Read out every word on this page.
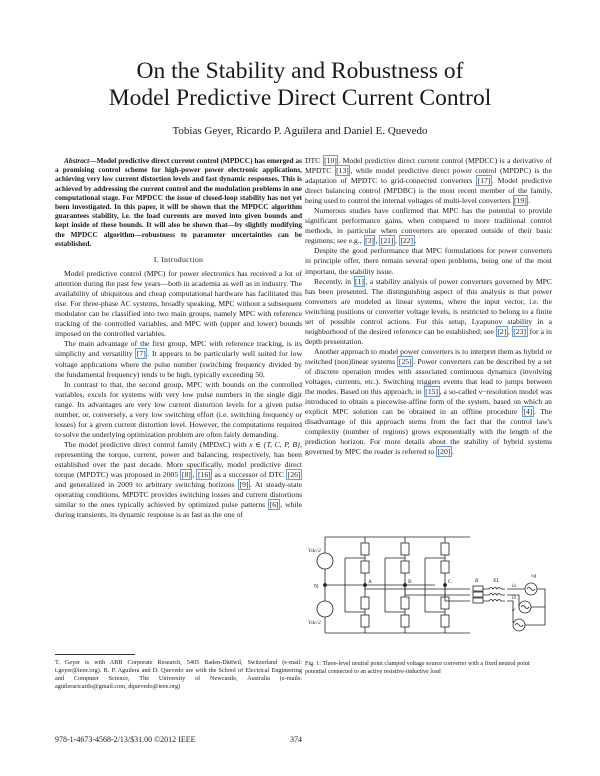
On the Stability and Robustness of
Model Predictive Direct Current Control
Tobias Geyer, Ricardo P. Aguilera and Daniel E. Quevedo

Abstract—Model predictive direct current control (MPDCC) has emerged as a promising control scheme for high-power power electronic applications, achieving very low current distortion levels and fast dynamic responses. This is achieved by addressing the current control and the modulation problems in one computational stage. For MPDCC the issue of closed-loop stability has not yet been investigated. In this paper, it will be shown that the MPDCC algorithm guarantees stability, i.e. the load currents are moved into given bounds and kept inside of these bounds. It will also be shown that—by slightly modifying the MPDCC algorithm—robustness to parameter uncertainties can be established.

I. Introduction

Model predictive control (MPC) for power electronics has received a lot of attention during the past few years—both in academia as well as in industry. The availability of ubiquitous and cheap computational hardware has facilitated this rise. For three-phase AC systems, broadly speaking, MPC without a subsequent modulator can be classified into two main groups, namely MPC with reference tracking of the controlled variables, and MPC with (upper and lower) bounds imposed on the controlled variables.

The main advantage of the first group, MPC with reference tracking, is its simplicity and versatility [7] . It appears to be particularly well suited for low voltage applications where the pulse number (switching frequency divided by the fundamental frequency) tends to be high, typically exceeding 50.

In contrast to that, the second group, MPC with bounds on the controlled variables, excels for systems with very low pulse numbers in the single digit range. Its advantages are very low current distortion levels for a given pulse number, or, conversely, a very low switching effort (i.e. switching frequency or losses) for a given current distortion level. However, the computations required to solve the underlying optimization problem are often fairly demanding.

The model predictive direct control family (MPDxC) with x ∈ {T, C, P, B}, representing the torque, current, power and balancing, respectively, has been established over the past decade. More specifically, model predictive direct torque (MPDTC) was proposed in 2005 [8] , [16] as a successor of DTC [26] and generalized in 2009 to arbitrary switching horizons [9] . At steady-state operating conditions, MPDTC provides switching losses and current distortions similar to the ones typically achieved by optimized pulse patterns [6] , while during transients, its dynamic response is as fast as the one of

T. Geyer is with ABB Corporate Research, 5405 Baden-Dättwil, Switzerland (e-mail: t.geyer@ieee.org). R. P. Aguilera and D. Quevedo are with the School of Electrical Engineering and Computer Science, The University of Newcastle, Australia (e-mails: aguileraricardo@gmail.com, dquevedo@ieee.org)

DTC [10] . Model predictive direct current control (MPDCC) is a derivative of MPDTC [13] , while model predictive direct power control (MPDPC) is the adaptation of MPDTC to grid-connected converters [17] . Model predictive direct balancing control (MPDBC) is the most recent member of the family, being used to control the internal voltages of multi-level converters [19] .

Numerous studies have confirmed that MPC has the potential to provide significant performance gains, when compared to more traditional control methods, in particular when converters are operated outside of their basic regimens; see e.g., [3] , [21] , [22] .

Despite the good performance that MPC formulations for power converters in principle offer, there remain several open problems, being one of the most important, the stability issue.

Recently, in [1] , a stability analysis of power converters governed by MPC has been presented. The distinguishing aspect of this analysis is that power converters are modeled as linear systems, where the input vector, i.e. the switching positions or converter voltage levels, is restricted to belong to a finite set of possible control actions. For this setup, Lyapunov stability in a neighborhood of the desired reference can be established; see [2] , [23] for a in depth presentation.

Another approach to model power converters is to interpret them as hybrid or switched (non)linear systems [25] . Power converters can be described by a set of discrete operation modes with associated continuous dynamics (involving voltages, currents, etc.). Switching triggers events that lead to jumps between the modes. Based on this approach, in [15] , a so-called ν−resolution model was introduced to obtain a piecewise-affine form of the system, based on which an explicit MPC solution can be obtained in an offline procedure [4] . The disadvantage of this approach stems from the fact that the control law's complexity (number of regions) grows exponentially with the length of the prediction horizon. For more details about the stability of hybrid systems governed by MPC the reader is referred to [20] .

Vdc/2
Vdc/2
N
A	B	C	R	XL
ia
ib
ic
vg
Fig. 1: Three-level neutral point clamped voltage source converter with a fixed neutral point potential connected to an active resistive-inductive load
978-1-4673-4568-2/13/$31.00 ©2012 IEEE	374
